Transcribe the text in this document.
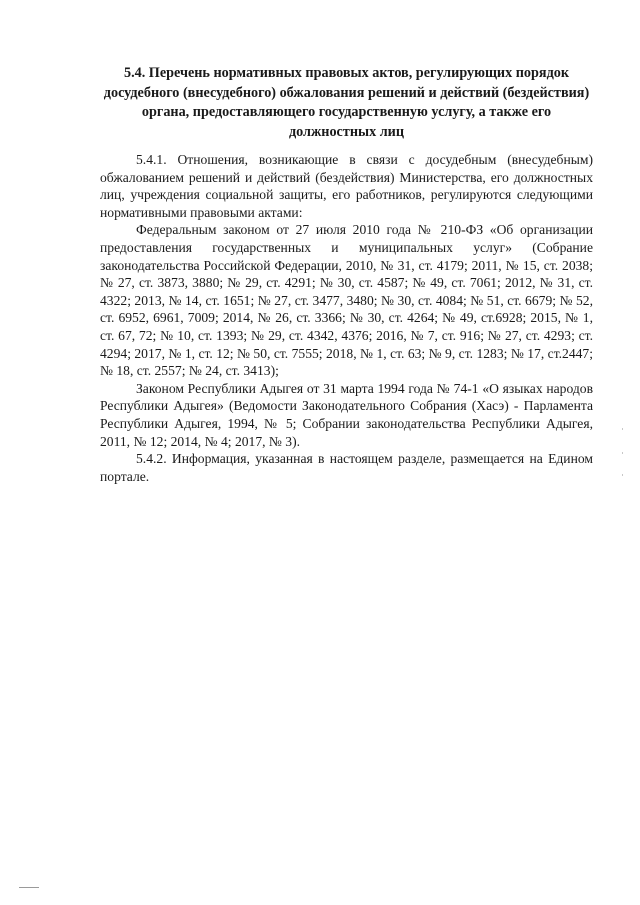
5.4. Перечень нормативных правовых актов, регулирующих порядок досудебного (внесудебного) обжалования решений и действий (бездействия) органа, предоставляющего государственную услугу, а также его должностных лиц

5.4.1. Отношения, возникающие в связи с досудебным (внесудебным) обжалованием решений и действий (бездействия) Министерства, его должностных лиц, учреждения социальной защиты, его работников, регулируются следующими нормативными правовыми актами:

Федеральным законом от 27 июля 2010 года № 210-ФЗ «Об организации предоставления государственных и муниципальных услуг» (Собрание законодательства Российской Федерации, 2010, № 31, ст. 4179; 2011, № 15, ст. 2038; № 27, ст. 3873, 3880; № 29, ст. 4291; № 30, ст. 4587; № 49, ст. 7061; 2012, № 31, ст. 4322; 2013, № 14, ст. 1651; № 27, ст. 3477, 3480; № 30, ст. 4084; № 51, ст. 6679; № 52, ст. 6952, 6961, 7009; 2014, № 26, ст. 3366; № 30, ст. 4264; № 49, ст.6928; 2015, № 1, ст. 67, 72; № 10, ст. 1393; № 29, ст. 4342, 4376; 2016, № 7, ст. 916; № 27, ст. 4293; ст. 4294; 2017, № 1, ст. 12; № 50, ст. 7555; 2018, № 1, ст. 63; № 9, ст. 1283; № 17, ст.2447; № 18, ст. 2557; № 24, ст. 3413);

Законом Республики Адыгея от 31 марта 1994 года № 74-1 «О языках народов Республики Адыгея» (Ведомости Законодательного Собрания (Хасэ) - Парламента Республики Адыгея, 1994, № 5; Собрании законодательства Республики Адыгея, 2011, № 12; 2014, № 4; 2017, № 3).

5.4.2. Информация, указанная в настоящем разделе, размещается на Едином портале.
